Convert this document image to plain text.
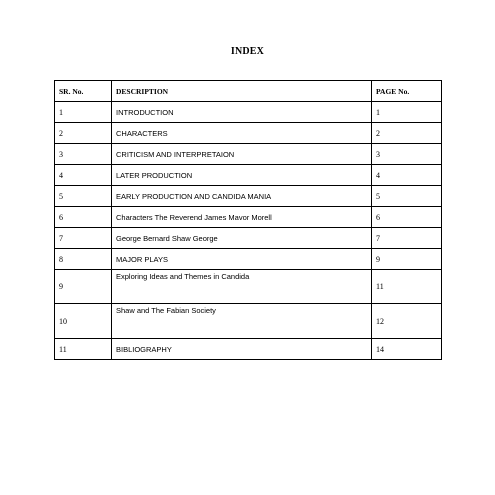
INDEX
SR. No.	DESCRIPTION	PAGE No.
1	INTRODUCTION	1
2	CHARACTERS	2
3	CRITICISM AND INTERPRETAION	3
4	LATER PRODUCTION	4
5	EARLY PRODUCTION AND CANDIDA MANIA	5
6	Characters The Reverend James Mavor Morell	6
7	George Bernard Shaw George	7
8	MAJOR PLAYS	9
9	Exploring Ideas and Themes in Candida	11
10	Shaw and The Fabian Society	12
11	BIBLIOGRAPHY	14
